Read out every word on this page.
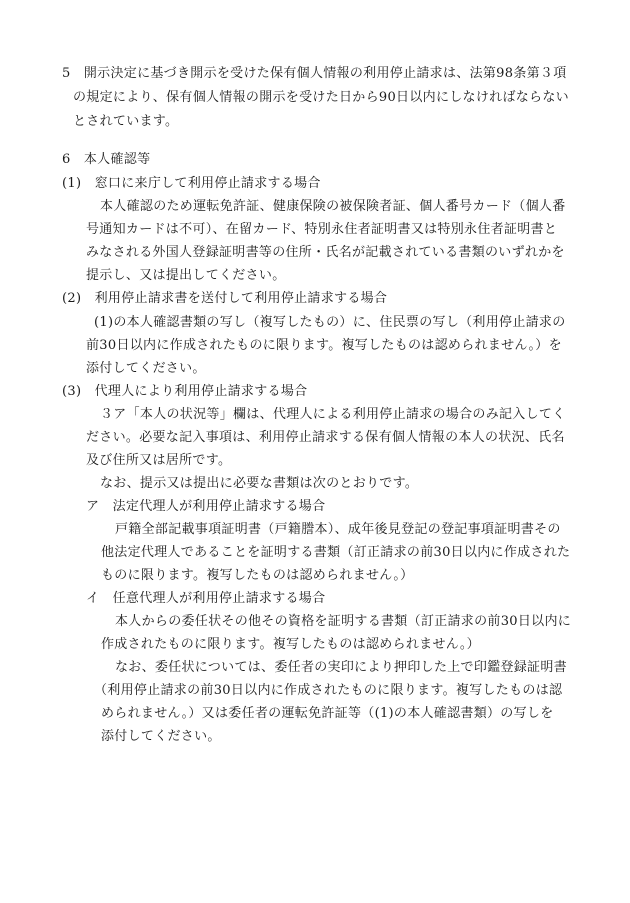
5　開示決定に基づき開示を受けた保有個人情報の利用停止請求は、法第98条第３項
の規定により、保有個人情報の開示を受けた日から90日以内にしなければならない
とされています。
6　本人確認等
(1)　窓口に来庁して利用停止請求する場合
本人確認のため運転免許証、健康保険の被保険者証、個人番号カード（個人番
号通知カードは不可）、在留カード、特別永住者証明書又は特別永住者証明書と
みなされる外国人登録証明書等の住所・氏名が記載されている書類のいずれかを
提示し、又は提出してください。
(2)　利用停止請求書を送付して利用停止請求する場合
(1)の本人確認書類の写し（複写したもの）に、住民票の写し（利用停止請求の
前30日以内に作成されたものに限ります。複写したものは認められません。）を
添付してください。
(3)　代理人により利用停止請求する場合
３ア「本人の状況等」欄は、代理人による利用停止請求の場合のみ記入してく
ださい。必要な記入事項は、利用停止請求する保有個人情報の本人の状況、氏名
及び住所又は居所です。
なお、提示又は提出に必要な書類は次のとおりです。
ア　法定代理人が利用停止請求する場合
戸籍全部記載事項証明書（戸籍謄本）、成年後見登記の登記事項証明書その
他法定代理人であることを証明する書類（訂正請求の前30日以内に作成された
ものに限ります。複写したものは認められません。）
イ　任意代理人が利用停止請求する場合
本人からの委任状その他その資格を証明する書類（訂正請求の前30日以内に
作成されたものに限ります。複写したものは認められません。）
なお、委任状については、委任者の実印により押印した上で印鑑登録証明書
（利用停止請求の前30日以内に作成されたものに限ります。複写したものは認
められません。）又は委任者の運転免許証等（(1)の本人確認書類）の写しを
添付してください。
